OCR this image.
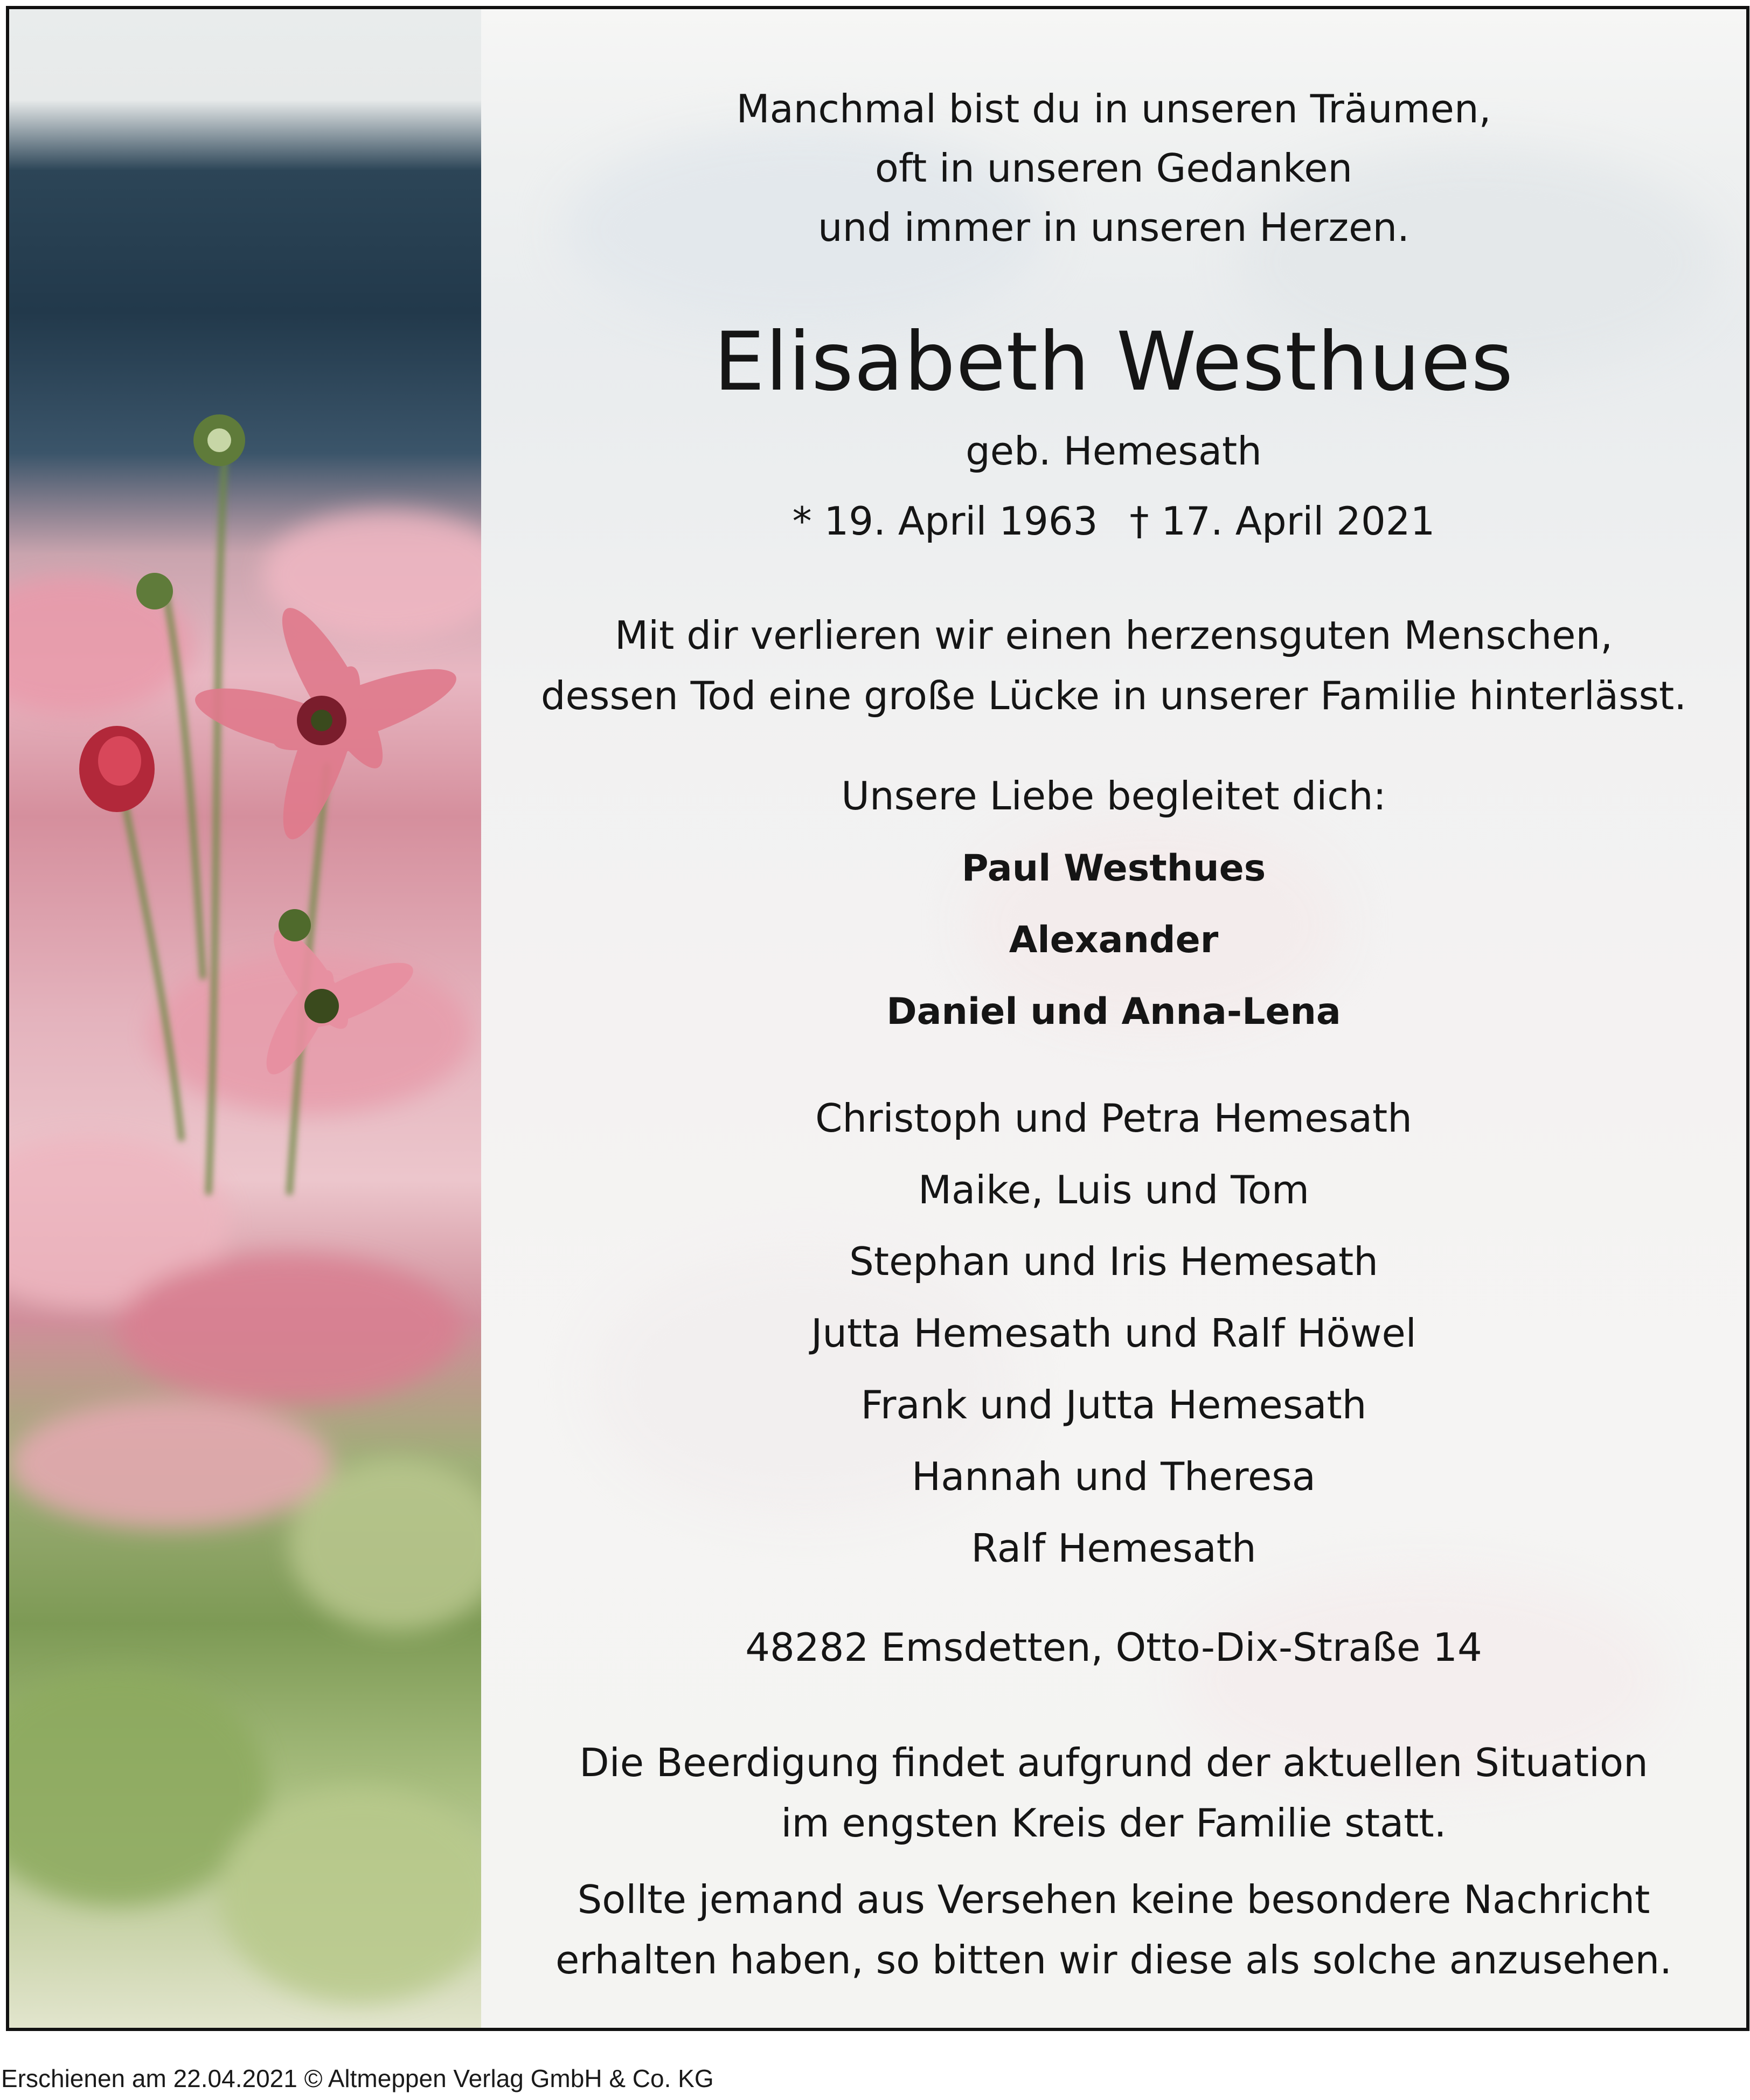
Manchmal bist du in unseren Träumen,
oft in unseren Gedanken
und immer in unseren Herzen.
Elisabeth Westhues
geb. Hemesath
* 19. April 1963 † 17. April 2021
Mit dir verlieren wir einen herzensguten Menschen,
dessen Tod eine große Lücke in unserer Familie hinterlässt.
Unsere Liebe begleitet dich:
Paul Westhues
Alexander
Daniel und Anna-Lena
Christoph und Petra Hemesath
Maike, Luis und Tom
Stephan und Iris Hemesath
Jutta Hemesath und Ralf Höwel
Frank und Jutta Hemesath
Hannah und Theresa
Ralf Hemesath
48282 Emsdetten, Otto-Dix-Straße 14
Die Beerdigung findet aufgrund der aktuellen Situation
im engsten Kreis der Familie statt.
Sollte jemand aus Versehen keine besondere Nachricht
erhalten haben, so bitten wir diese als solche anzusehen.
Erschienen am 22.04.2021 © Altmeppen Verlag GmbH & Co. KG
